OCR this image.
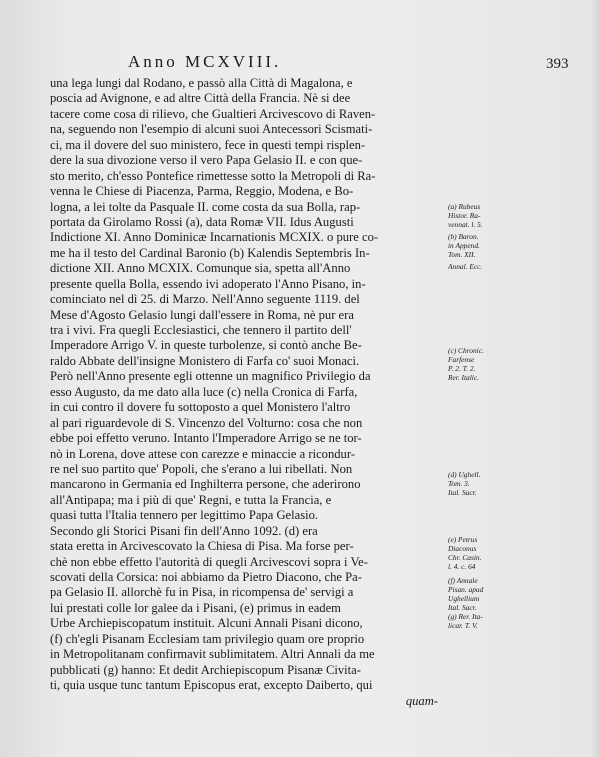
Anno MCXVIII.	393
una lega lungi dal Rodano, e passò alla Città di Magalona, e
poscia ad Avignone, e ad altre Città della Francia. Nè si dee
tacere come cosa di rilievo, che Gualtieri Arcivescovo di Raven-
na, seguendo non l'esempio di alcuni suoi Antecessori Scismati-
ci, ma il dovere del suo ministero, fece in questi tempi risplen-
dere la sua divozione verso il vero Papa Gelasio II. e con que-
sto merito, ch'esso Pontefice rimettesse sotto la Metropoli di Ra-
venna le Chiese di Piacenza, Parma, Reggio, Modena, e Bo-
logna, a lei tolte da Pasquale II. come costa da sua Bolla, rap-
portata da Girolamo Rossi (a), data Romæ VII. Idus Augusti
Indictione XI. Anno Dominicæ Incarnationis MCXIX. o pure co-
me ha il testo del Cardinal Baronio (b) Kalendis Septembris In-
dictione XII. Anno MCXIX. Comunque sia, spetta all'Anno
presente quella Bolla, essendo ivi adoperato l'Anno Pisano, in-
cominciato nel dì 25. di Marzo. Nell'Anno seguente 1119. del
Mese d'Agosto Gelasio lungi dall'essere in Roma, nè pur era
tra i vivi. Fra quegli Ecclesiastici, che tennero il partito dell'
Imperadore Arrigo V. in queste turbolenze, si contò anche Be-
raldo Abbate dell'insigne Monistero di Farfa co' suoi Monaci.
Però nell'Anno presente egli ottenne un magnifico Privilegio da
esso Augusto, da me dato alla luce (c) nella Cronica di Farfa,
in cui contro il dovere fu sottoposto a quel Monistero l'altro
al pari riguardevole di S. Vincenzo del Volturno: cosa che non
ebbe poi effetto veruno. Intanto l'Imperadore Arrigo se ne tor-
nò in Lorena, dove attese con carezze e minaccie a ricondur-
re nel suo partito que' Popoli, che s'erano a lui ribellati. Non
mancarono in Germania ed Inghilterra persone, che aderirono
all'Antipapa; ma i più di que' Regni, e tutta la Francia, e
quasi tutta l'Italia tennero per legittimo Papa Gelasio.
Secondo gli Storici Pisani fin dell'Anno 1092. (d) era
stata eretta in Arcivescovato la Chiesa di Pisa. Ma forse per-
chè non ebbe effetto l'autorità di quegli Arcivescovi sopra i Ve-
scovati della Corsica: noi abbiamo da Pietro Diacono, che Pa-
pa Gelasio II. allorchè fu in Pisa, in ricompensa de' servigi a
lui prestati colle lor galee da i Pisani, (e) primus in eadem
Urbe Archiepiscopatum instituit. Alcuni Annali Pisani dicono,
(f) ch'egli Pisanam Ecclesiam tam privilegio quam ore proprio
in Metropolitanam confirmavit sublimitatem. Altri Annali da me
pubblicati (g) hanno: Et dedit Archiepiscopum Pisanæ Civita-
ti, quia usque tunc tantum Episcopus erat, excepto Daiberto, qui
quam-
(a) Rubeus
Histor. Ra-
vennat. l. 5.
(b) Baron.
in Append.
Tom. XII.
Annal. Ecc.
(c) Chronic.
Farfense
P. 2. T. 2.
Rer. Italic.
(d) Ughell.
Tom. 3.
Ital. Sacr.
(e) Petrus
Diaconus
Chr. Casin.
l. 4. c. 64
(f) Annale
Pisan. apud
Ughellium
Ital. Sacr.
(g) Rer. Ita-
licar. T. V.
